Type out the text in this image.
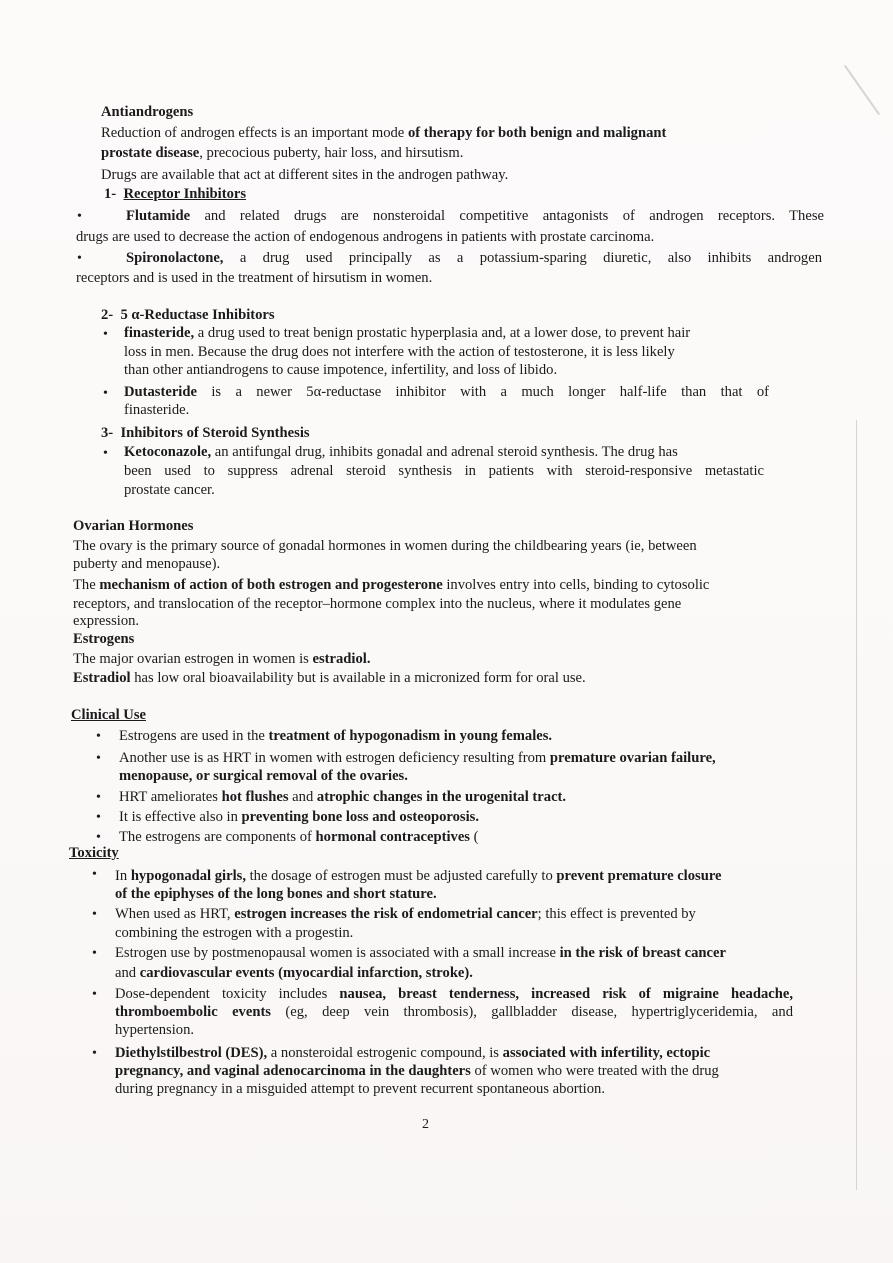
Antiandrogens
Reduction of androgen effects is an important mode of therapy for both benign and malignant
prostate disease, precocious puberty, hair loss, and hirsutism.
Drugs are available that act at different sites in the androgen pathway.
1- Receptor Inhibitors
•	Flutamide and related drugs are nonsteroidal competitive antagonists of androgen receptors. These
drugs are used to decrease the action of endogenous androgens in patients with prostate carcinoma.
•	Spironolactone, a drug used principally as a potassium-sparing diuretic, also inhibits androgen
receptors and is used in the treatment of hirsutism in women.
2- 5 α-Reductase Inhibitors
• finasteride, a drug used to treat benign prostatic hyperplasia and, at a lower dose, to prevent hair
loss in men. Because the drug does not interfere with the action of testosterone, it is less likely
than other antiandrogens to cause impotence, infertility, and loss of libido.
• Dutasteride is a newer 5α-reductase inhibitor with a much longer half-life than that of
finasteride.
3- Inhibitors of Steroid Synthesis
• Ketoconazole, an antifungal drug, inhibits gonadal and adrenal steroid synthesis. The drug has
been used to suppress adrenal steroid synthesis in patients with steroid-responsive metastatic
prostate cancer.
Ovarian Hormones
The ovary is the primary source of gonadal hormones in women during the childbearing years (ie, between
puberty and menopause).
The mechanism of action of both estrogen and progesterone involves entry into cells, binding to cytosolic
receptors, and translocation of the receptor–hormone complex into the nucleus, where it modulates gene
expression.
Estrogens
The major ovarian estrogen in women is estradiol.
Estradiol has low oral bioavailability but is available in a micronized form for oral use.
Clinical Use
• Estrogens are used in the treatment of hypogonadism in young females.
• Another use is as HRT in women with estrogen deficiency resulting from premature ovarian failure,
menopause, or surgical removal of the ovaries.
• HRT ameliorates hot flushes and atrophic changes in the urogenital tract.
• It is effective also in preventing bone loss and osteoporosis.
• The estrogens are components of hormonal contraceptives (
Toxicity
• In hypogonadal girls, the dosage of estrogen must be adjusted carefully to prevent premature closure
of the epiphyses of the long bones and short stature.
• When used as HRT, estrogen increases the risk of endometrial cancer; this effect is prevented by
combining the estrogen with a progestin.
• Estrogen use by postmenopausal women is associated with a small increase in the risk of breast cancer
and cardiovascular events (myocardial infarction, stroke).
• Dose-dependent toxicity includes nausea, breast tenderness, increased risk of migraine headache,
thromboembolic events (eg, deep vein thrombosis), gallbladder disease, hypertriglyceridemia, and
hypertension.
• Diethylstilbestrol (DES), a nonsteroidal estrogenic compound, is associated with infertility, ectopic
pregnancy, and vaginal adenocarcinoma in the daughters of women who were treated with the drug
during pregnancy in a misguided attempt to prevent recurrent spontaneous abortion.
2
